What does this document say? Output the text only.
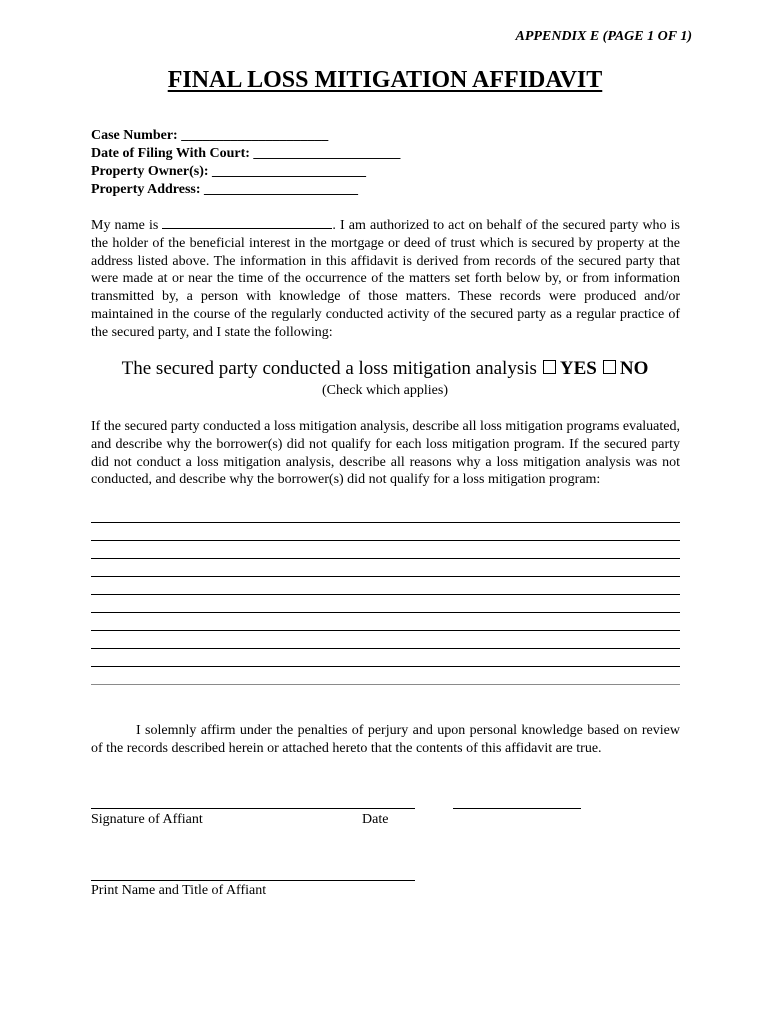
APPENDIX E (PAGE 1 OF 1)
FINAL LOSS MITIGATION AFFIDAVIT
Case Number: _____________________
Date of Filing With Court: _____________________
Property Owner(s): ______________________
Property Address: ______________________
My name is	. I am authorized to act on behalf of the secured party who is the holder of the beneficial interest in the mortgage or deed of trust which is secured by property at the address listed above. The information in this affidavit is derived from records of the secured party that were made at or near the time of the occurrence of the matters set forth below by, or from information transmitted by, a person with knowledge of those matters. These records were produced and/or maintained in the course of the regularly conducted activity of the secured party as a regular practice of the secured party, and I state the following:
The secured party conducted a loss mitigation analysis YES NO
(Check which applies)
If the secured party conducted a loss mitigation analysis, describe all loss mitigation programs evaluated, and describe why the borrower(s) did not qualify for each loss mitigation program. If the secured party did not conduct a loss mitigation analysis, describe all reasons why a loss mitigation analysis was not conducted, and describe why the borrower(s) did not qualify for a loss mitigation program:
I solemnly affirm under the penalties of perjury and upon personal knowledge based on review of the records described herein or attached hereto that the contents of this affidavit are true.
Signature of Affiant	Date
Print Name and Title of Affiant
